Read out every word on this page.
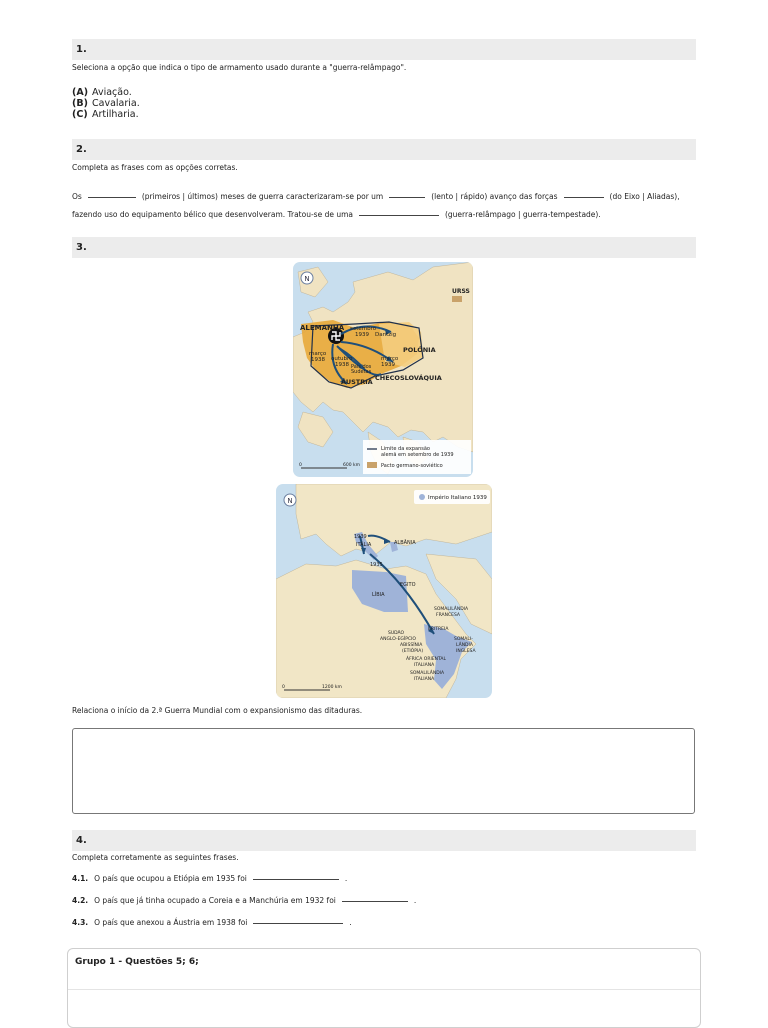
1.
Seleciona a opção que indica o tipo de armamento usado durante a "guerra-relâmpago".
(A) Aviação.
(B) Cavalaria.
(C) Artilharia.
2.
Completa as frases com as opções corretas.
Os	(primeiros | últimos) meses de guerra caracterizaram-se por um	(lento | rápido) avanço das forças	(do Eixo | Aliadas),
fazendo uso do equipamento bélico que desenvolveram. Tratou-se de uma	(guerra-relâmpago | guerra-tempestade).
3.
N
URSS
ALEMANHA setembro
1939 Dantzig
POLÓNIA
março
1938 outubro
1938 País dos
Sudetas
março
1939
ÁUSTRIA CHECOSLOVÁQUIA
Limite da expansão
alemã em setembro de 1939
Pacto germano-soviético
0	600 km
N	Império Italiano 1939
1939
ITÁLIA	ALBÂNIA
1935
EGITO
LÍBIA
SOMALILÂNDIA
FRANCESA
ERITREIA
SOMALI-
LÂNDIA
INGLESA
SUDÃO
ANGLO-EGÍPCIO
ABISSÍNIA
(ETIÓPIA)
ÁFRICA ORIENTAL
ITALIANA
SOMALILÂNDIA
ITALIANA
0	1200 km
Relaciona o início da 2.ª Guerra Mundial com o expansionismo das ditaduras.
4.
Completa corretamente as seguintes frases.
4.1. O país que ocupou a Etiópia em 1935 foi	.
4.2. O país que já tinha ocupado a Coreia e a Manchúria em 1932 foi	.
4.3. O país que anexou a Áustria em 1938 foi	.
Grupo 1 - Questões 5; 6;
